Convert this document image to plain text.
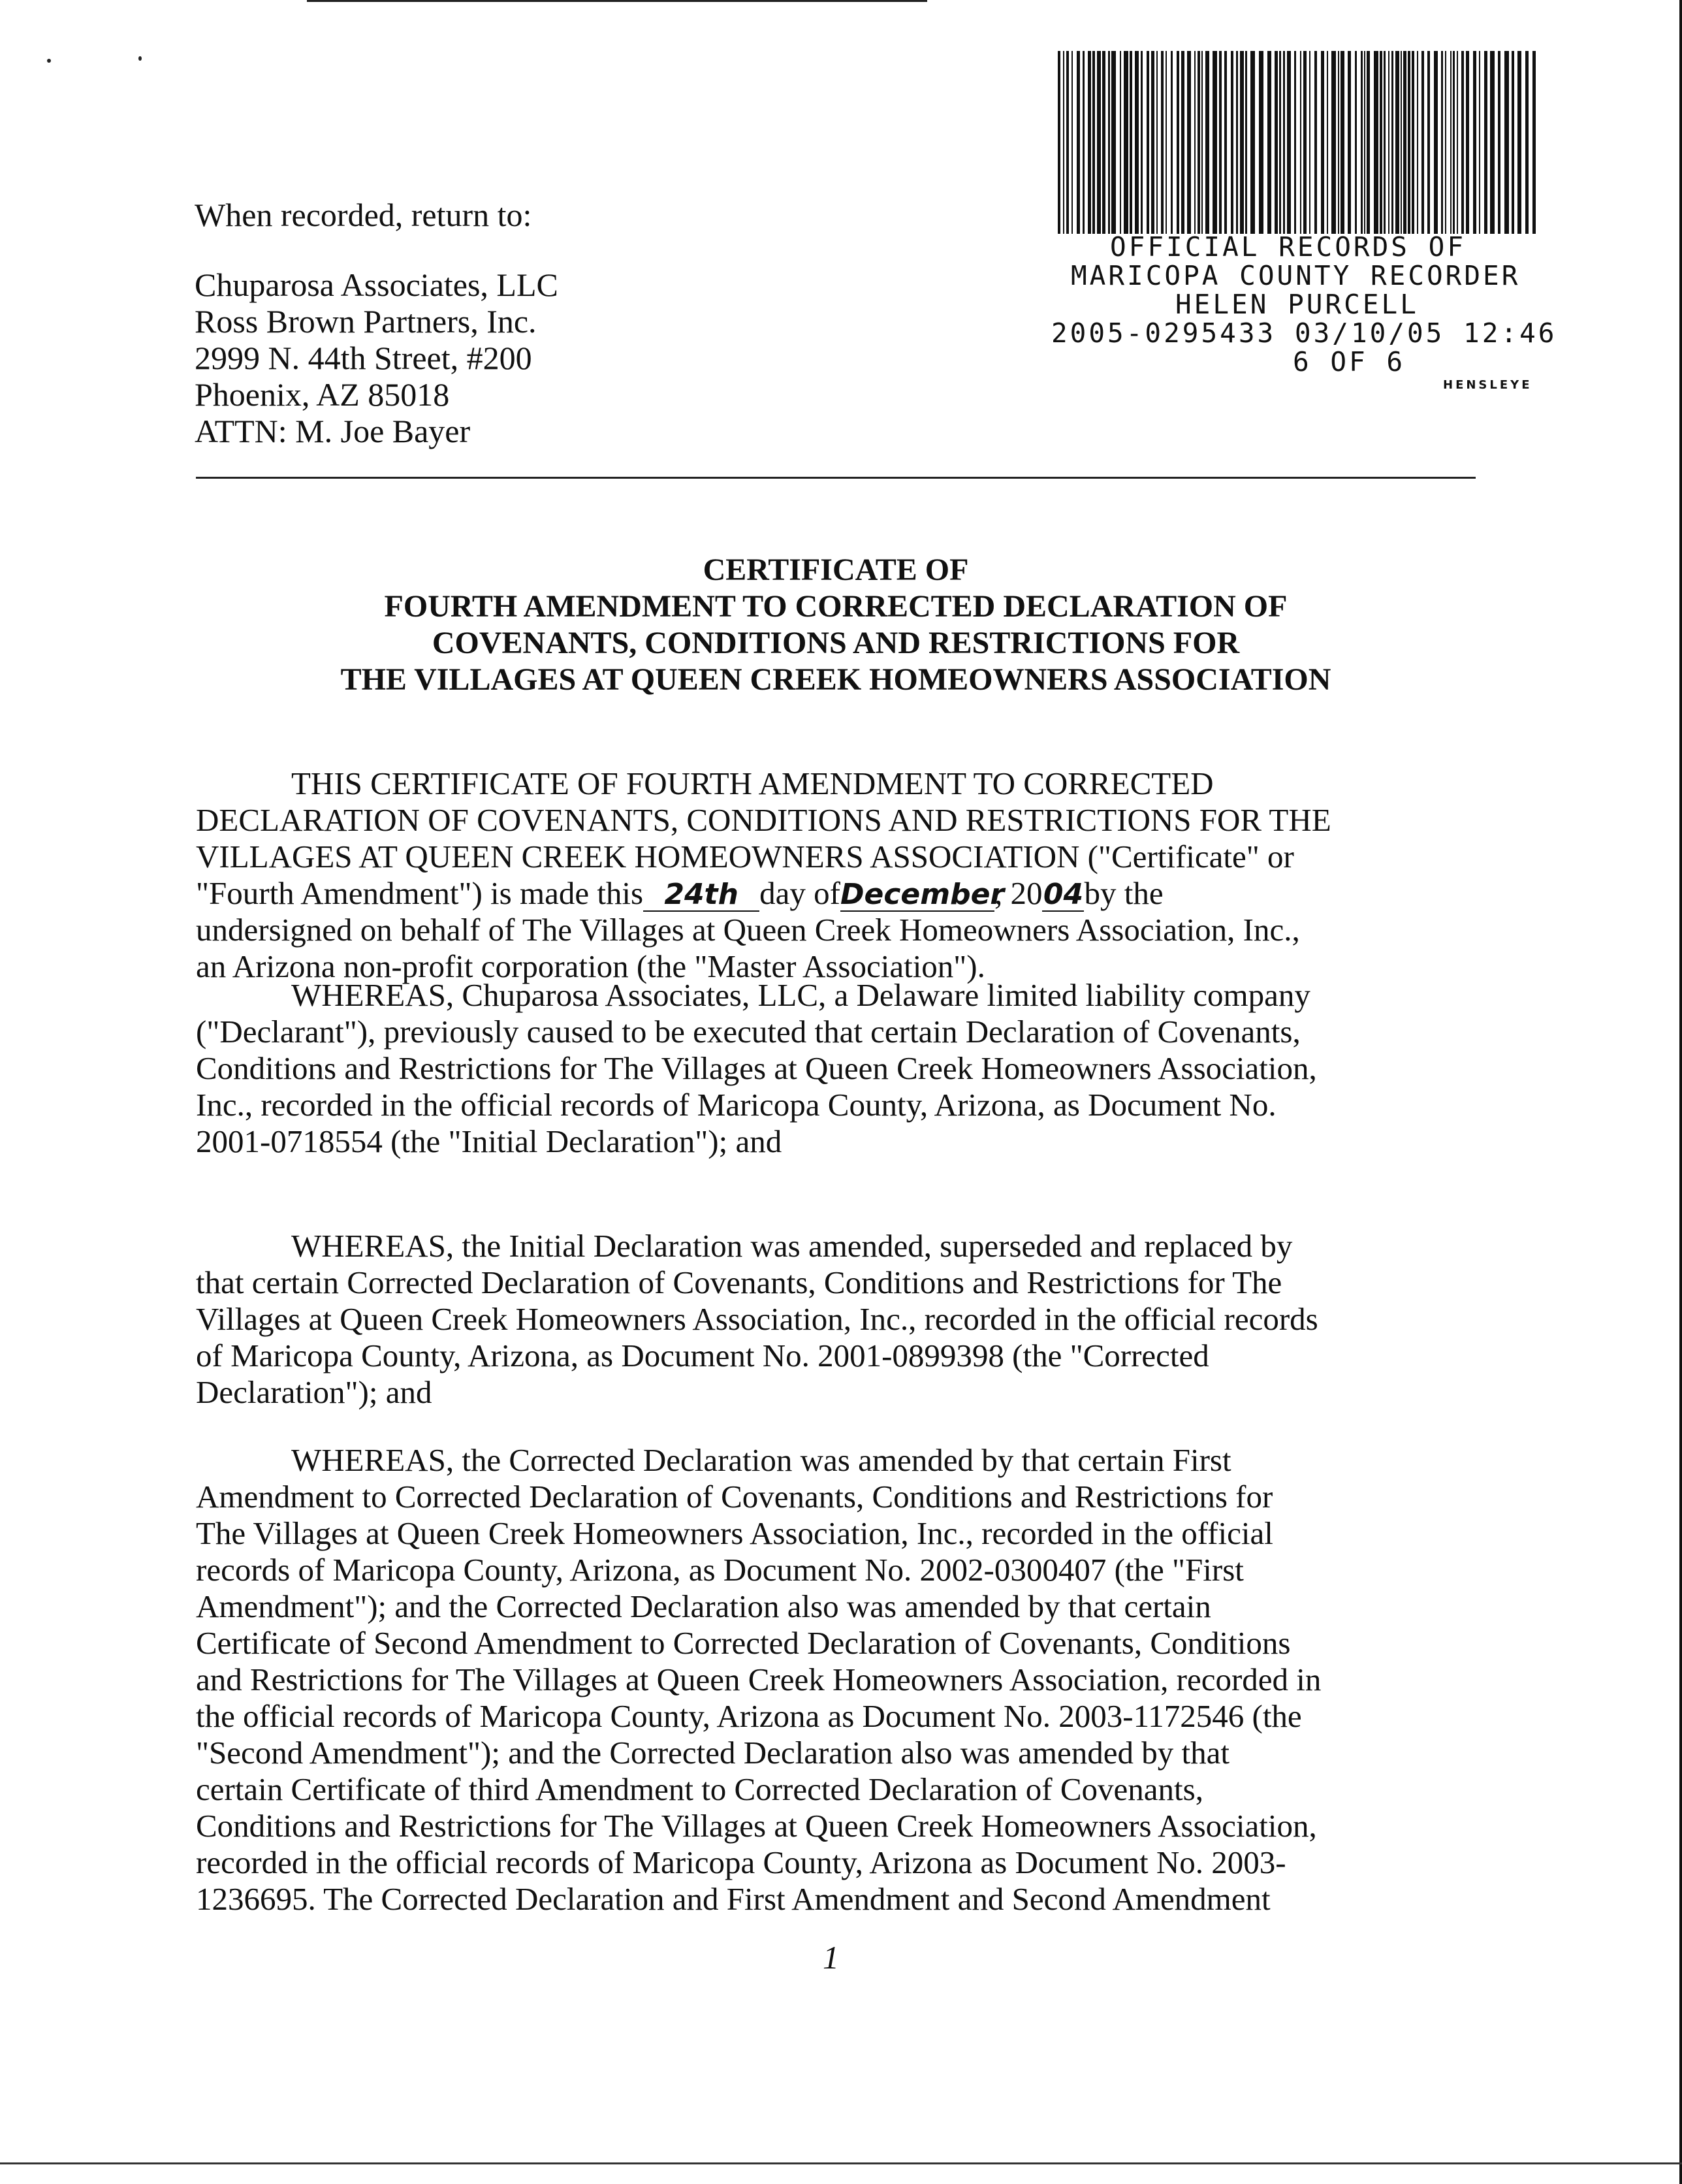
When recorded, return to:
Chuparosa Associates, LLC
Ross Brown Partners, Inc.
2999 N. 44th Street, #200
Phoenix, AZ 85018
ATTN: M. Joe Bayer
OFFICIAL RECORDS OF
MARICOPA COUNTY RECORDER
HELEN PURCELL
2005-0295433 03/10/05 12:46
6 OF 6
HENSLEYE
CERTIFICATE OF
FOURTH AMENDMENT TO CORRECTED DECLARATION OF
COVENANTS, CONDITIONS AND RESTRICTIONS FOR
THE VILLAGES AT QUEEN CREEK HOMEOWNERS ASSOCIATION
THIS CERTIFICATE OF FOURTH AMENDMENT TO CORRECTED
DECLARATION OF COVENANTS, CONDITIONS AND RESTRICTIONS FOR THE
VILLAGES AT QUEEN CREEK HOMEOWNERS ASSOCIATION ("Certificate" or
"Fourth Amendment") is made this 24th day ofDecember, 2004by the
undersigned on behalf of The Villages at Queen Creek Homeowners Association, Inc.,
an Arizona non-profit corporation (the "Master Association").
WHEREAS, Chuparosa Associates, LLC, a Delaware limited liability company
("Declarant"), previously caused to be executed that certain Declaration of Covenants,
Conditions and Restrictions for The Villages at Queen Creek Homeowners Association,
Inc., recorded in the official records of Maricopa County, Arizona, as Document No.
2001-0718554 (the "Initial Declaration"); and
WHEREAS, the Initial Declaration was amended, superseded and replaced by
that certain Corrected Declaration of Covenants, Conditions and Restrictions for The
Villages at Queen Creek Homeowners Association, Inc., recorded in the official records
of Maricopa County, Arizona, as Document No. 2001-0899398 (the "Corrected
Declaration"); and
WHEREAS, the Corrected Declaration was amended by that certain First
Amendment to Corrected Declaration of Covenants, Conditions and Restrictions for
The Villages at Queen Creek Homeowners Association, Inc., recorded in the official
records of Maricopa County, Arizona, as Document No. 2002-0300407 (the "First
Amendment"); and the Corrected Declaration also was amended by that certain
Certificate of Second Amendment to Corrected Declaration of Covenants, Conditions
and Restrictions for The Villages at Queen Creek Homeowners Association, recorded in
the official records of Maricopa County, Arizona as Document No. 2003-1172546 (the
"Second Amendment"); and the Corrected Declaration also was amended by that
certain Certificate of third Amendment to Corrected Declaration of Covenants,
Conditions and Restrictions for The Villages at Queen Creek Homeowners Association,
recorded in the official records of Maricopa County, Arizona as Document No. 2003-
1236695. The Corrected Declaration and First Amendment and Second Amendment
1
